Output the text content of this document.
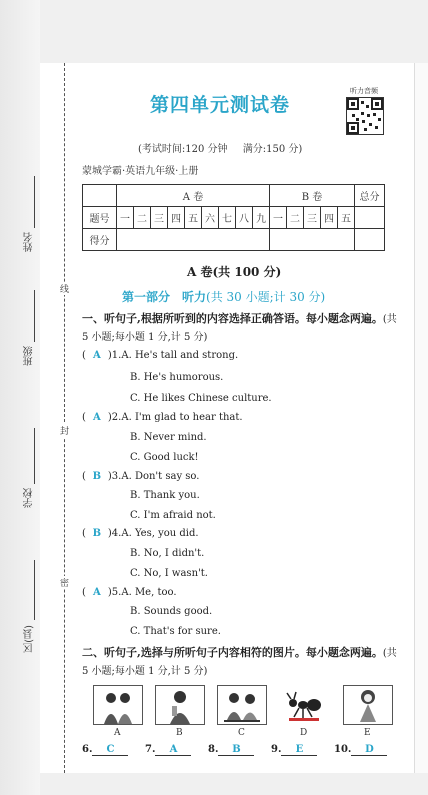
姓名
班级
学校
区(县)
线
封
密
第四单元测试卷
听力音频
(考试时间:120 分钟 满分:150 分)
蒙城学霸·英语九年级·上册
	A 卷									B 卷					总分
题号	一	二	三	四	五	六	七	八	九	一	二	三	四	五	
得分															
A 卷(共 100 分)
第一部分　听力(共 30 小题;计 30 分)
一、听句子,根据所听到的内容选择正确答语。每小题念两遍。(共 5 小题;每小题 1 分,计 5 分)
( A )1.A. He's tall and strong.
B. He's humorous.
C. He likes Chinese culture.
( A )2.A. I'm glad to hear that.
B. Never mind.
C. Good luck!
( B )3.A. Don't say so.
B. Thank you.
C. I'm afraid not.
( B )4.A. Yes, you did.
B. No, I didn't.
C. No, I wasn't.
( A )5.A. Me, too.
B. Sounds good.
C. That's for sure.
二、听句子,选择与所听句子内容相符的图片。每小题念两遍。(共 5 小题;每小题 1 分,计 5 分)
A	B	C	D	E
6. C	7. A	8. B	9. E	10. D
